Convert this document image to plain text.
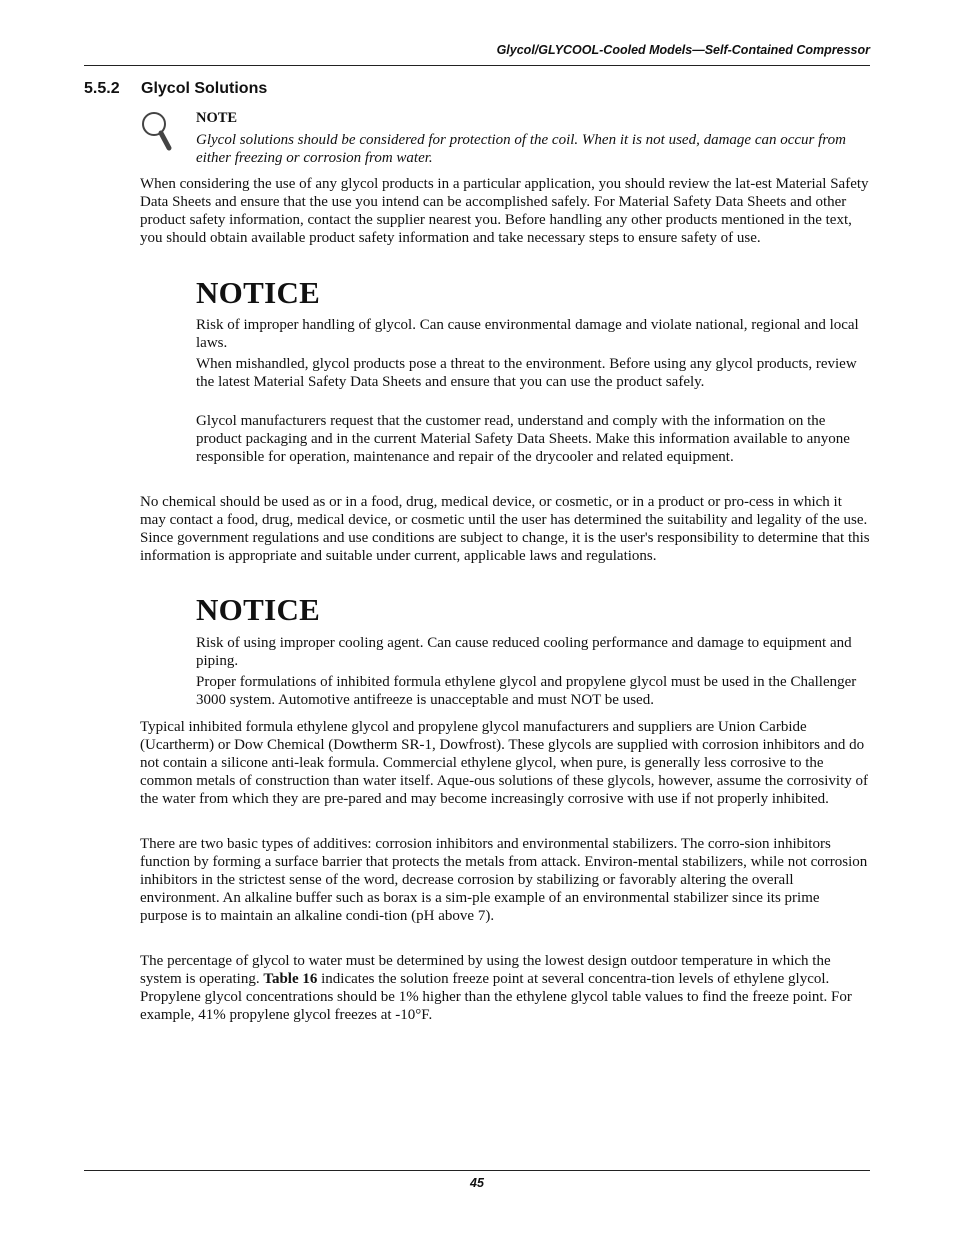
Glycol/GLYCOOL-Cooled Models—Self-Contained Compressor
5.5.2 Glycol Solutions
NOTE

Glycol solutions should be considered for protection of the coil. When it is not used, damage can occur from either freezing or corrosion from water.

When considering the use of any glycol products in a particular application, you should review the lat-est Material Safety Data Sheets and ensure that the use you intend can be accomplished safely. For Material Safety Data Sheets and other product safety information, contact the supplier nearest you. Before handling any other products mentioned in the text, you should obtain available product safety information and take necessary steps to ensure safety of use.

NOTICE

Risk of improper handling of glycol. Can cause environmental damage and violate national, regional and local laws.

When mishandled, glycol products pose a threat to the environment. Before using any glycol products, review the latest Material Safety Data Sheets and ensure that you can use the product safely.

Glycol manufacturers request that the customer read, understand and comply with the information on the product packaging and in the current Material Safety Data Sheets. Make this information available to anyone responsible for operation, maintenance and repair of the drycooler and related equipment.

No chemical should be used as or in a food, drug, medical device, or cosmetic, or in a product or pro-cess in which it may contact a food, drug, medical device, or cosmetic until the user has determined the suitability and legality of the use. Since government regulations and use conditions are subject to change, it is the user's responsibility to determine that this information is appropriate and suitable under current, applicable laws and regulations.

NOTICE

Risk of using improper cooling agent. Can cause reduced cooling performance and damage to equipment and piping.

Proper formulations of inhibited formula ethylene glycol and propylene glycol must be used in the Challenger 3000 system. Automotive antifreeze is unacceptable and must NOT be used.

Typical inhibited formula ethylene glycol and propylene glycol manufacturers and suppliers are Union Carbide (Ucartherm) or Dow Chemical (Dowtherm SR-1, Dowfrost). These glycols are supplied with corrosion inhibitors and do not contain a silicone anti-leak formula. Commercial ethylene glycol, when pure, is generally less corrosive to the common metals of construction than water itself. Aque-ous solutions of these glycols, however, assume the corrosivity of the water from which they are pre-pared and may become increasingly corrosive with use if not properly inhibited.

There are two basic types of additives: corrosion inhibitors and environmental stabilizers. The corro-sion inhibitors function by forming a surface barrier that protects the metals from attack. Environ-mental stabilizers, while not corrosion inhibitors in the strictest sense of the word, decrease corrosion by stabilizing or favorably altering the overall environment. An alkaline buffer such as borax is a sim-ple example of an environmental stabilizer since its prime purpose is to maintain an alkaline condi-tion (pH above 7).

The percentage of glycol to water must be determined by using the lowest design outdoor temperature in which the system is operating. Table 16 indicates the solution freeze point at several concentra-tion levels of ethylene glycol. Propylene glycol concentrations should be 1% higher than the ethylene glycol table values to find the freeze point. For example, 41% propylene glycol freezes at -10°F.

45
